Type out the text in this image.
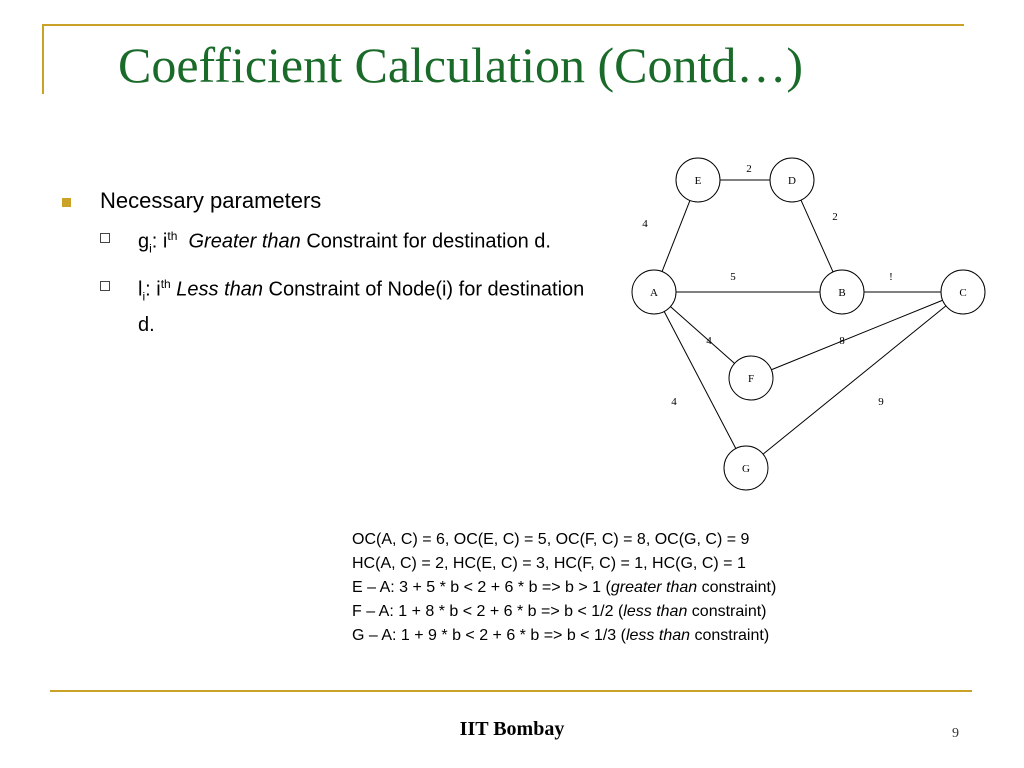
Coefficient Calculation (Contd…)
Necessary parameters
$g_i$: $i^{th}$ Greater than Constraint for destination d.
$l_i$: $i^{th}$ Less than Constraint of Node(i) for destination d.
2
2
4
5	!
4	8
4	9
E	D
A	B	C
F
G
OC(A, C) = 6, OC(E, C) = 5, OC(F, C) = 8, OC(G, C) = 9
HC(A, C) = 2, HC(E, C) = 3, HC(F, C) = 1, HC(G, C) = 1
E – A: 3 + 5 * b < 2 + 6 * b => b > 1 (greater than constraint)
F – A: 1 + 8 * b < 2 + 6 * b => b < 1/2 (less than constraint)
G – A: 1 + 9 * b < 2 + 6 * b => b < 1/3 (less than constraint)
IIT Bombay	9
